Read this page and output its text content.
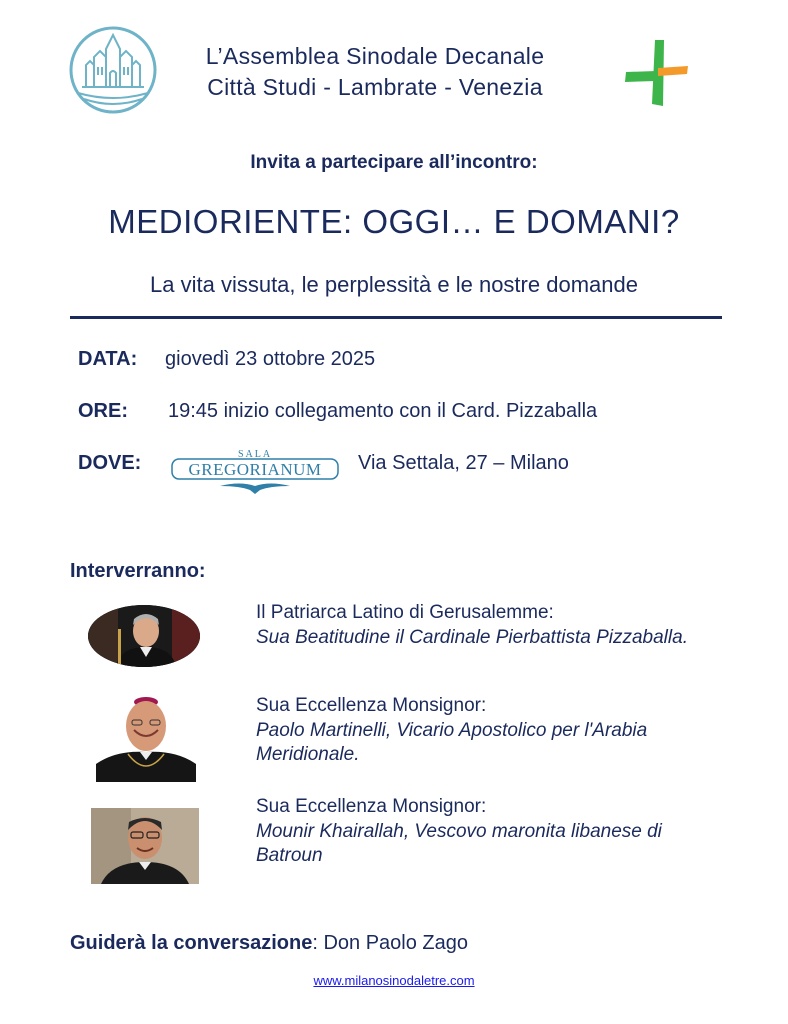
L’Assemblea Sinodale Decanale
Città Studi - Lambrate - Venezia
Invita a partecipare all’incontro:
MEDIORIENTE: OGGI… E DOMANI?
La vita vissuta, le perplessità e le nostre domande
DATA: giovedì 23 ottobre 2025
ORE: 19:45 inizio collegamento con il Card. Pizzaballa
DOVE:	SALA
GREGORIANUM Via Settala, 27 – Milano
Interverranno:
Il Patriarca Latino di Gerusalemme:
Sua Beatitudine il Cardinale Pierbattista Pizzaballa.
Sua Eccellenza Monsignor:
Paolo Martinelli, Vicario Apostolico per l'Arabia Meridionale.
Sua Eccellenza Monsignor:
Mounir Khairallah, Vescovo maronita libanese di Batroun
Guiderà la conversazione: Don Paolo Zago
www.milanosinodaletre.com
